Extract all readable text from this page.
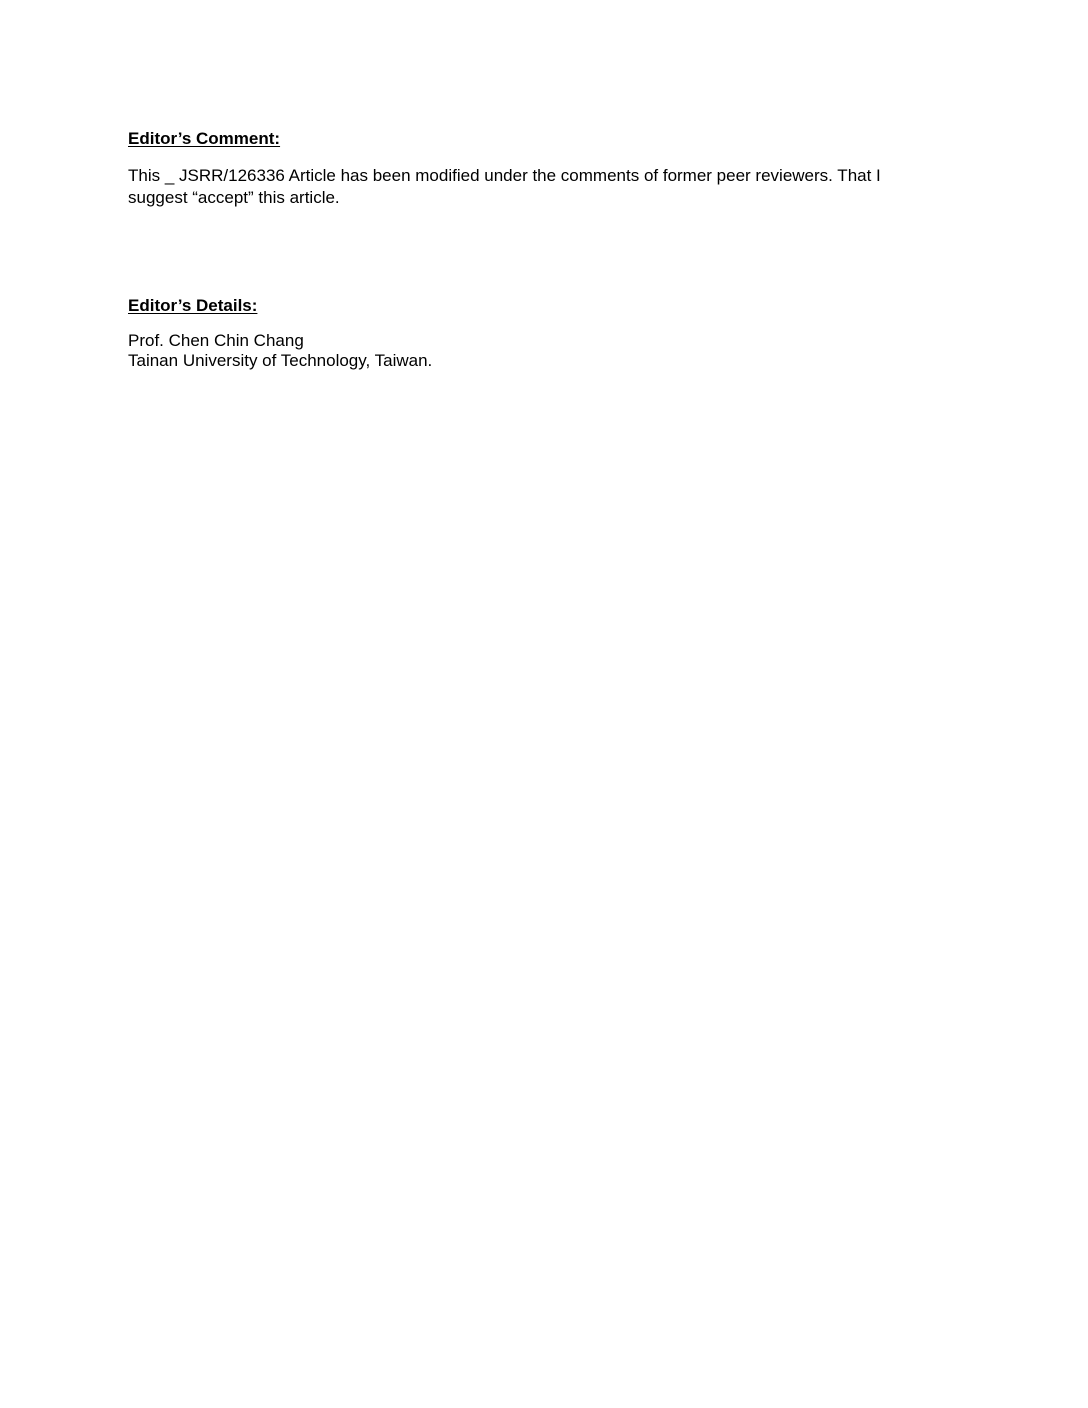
Editor’s Comment:

This _ JSRR/126336 Article has been modified under the comments of former peer reviewers. That I
suggest “accept” this article.

Editor’s Details:

Prof. Chen Chin Chang
Tainan University of Technology, Taiwan.
